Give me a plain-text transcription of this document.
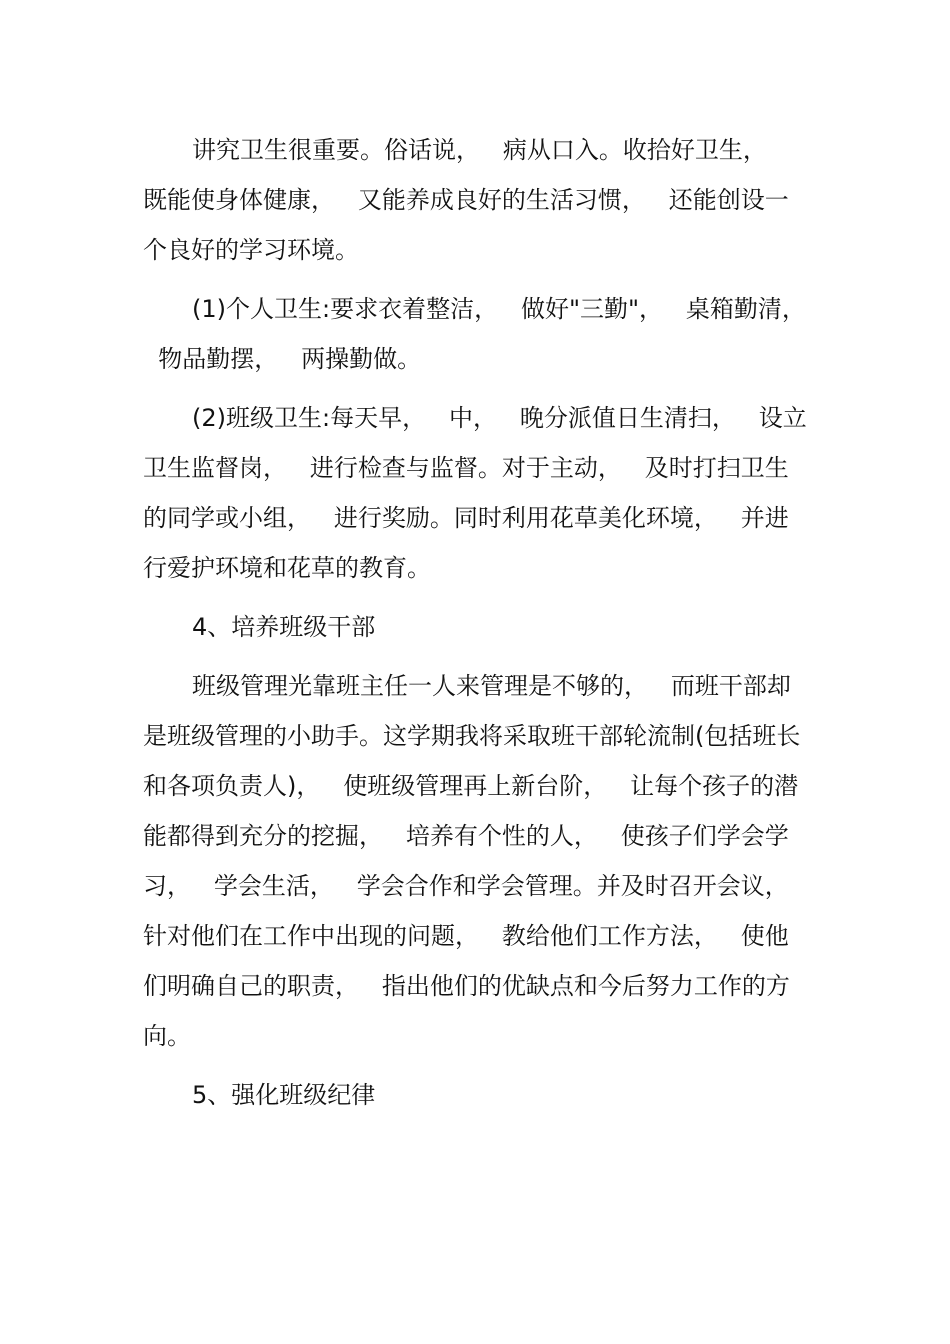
讲究卫生很重要。俗话说，   病从口入。收拾好卫生，

既能使身体健康，   又能养成良好的生活习惯，   还能创设一

个良好的学习环境。

(1)个人卫生:要求衣着整洁，   做好"三勤"，   桌箱勤清，

物品勤摆，   两操勤做。

(2)班级卫生:每天早，   中，   晚分派值日生清扫，   设立

卫生监督岗，   进行检查与监督。对于主动，   及时打扫卫生

的同学或小组，   进行奖励。同时利用花草美化环境，   并进

行爱护环境和花草的教育。

4、培养班级干部

班级管理光靠班主任一人来管理是不够的，   而班干部却

是班级管理的小助手。这学期我将采取班干部轮流制(包括班长

和各项负责人)，   使班级管理再上新台阶，   让每个孩子的潜

能都得到充分的挖掘，   培养有个性的人，   使孩子们学会学

习，   学会生活，   学会合作和学会管理。并及时召开会议，

针对他们在工作中出现的问题，   教给他们工作方法，   使他

们明确自己的职责，   指出他们的优缺点和今后努力工作的方

向。

5、强化班级纪律
